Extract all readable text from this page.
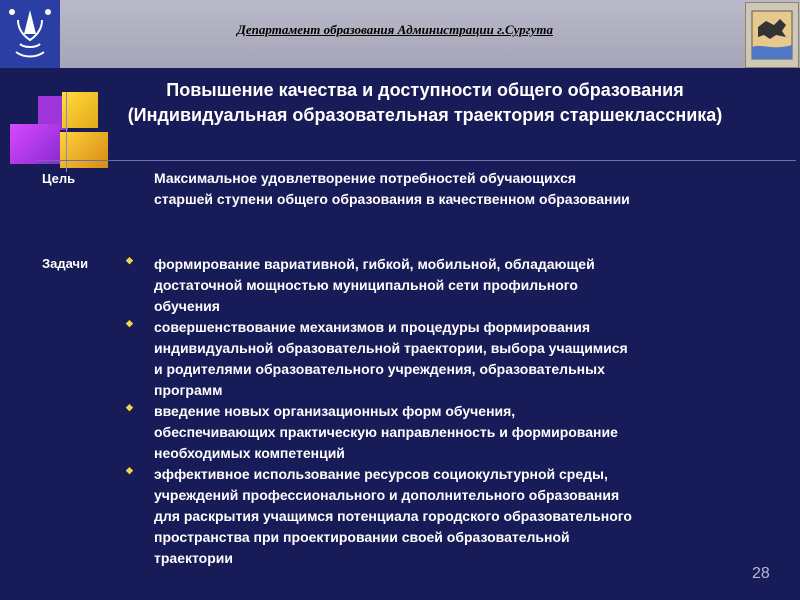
Департамент образования Администрации г.Сургута
Повышение качества и доступности общего образования
(Индивидуальная образовательная траектория старшеклассника)
Цель	Максимальное удовлетворение потребностей обучающихся
старшей ступени общего образования в качественном образовании
Задачи	◆ формирование вариативной, гибкой, мобильной, обладающей
достаточной мощностью муниципальной сети профильного
обучения
◆ совершенствование механизмов и процедуры формирования
индивидуальной образовательной траектории, выбора учащимися
и родителями образовательного учреждения, образовательных
программ
◆ введение новых организационных форм обучения,
обеспечивающих практическую направленность и формирование
необходимых компетенций
◆ эффективное использование ресурсов социокультурной среды,
учреждений профессионального и дополнительного образования
для раскрытия учащимся потенциала городского образовательного
пространства при проектировании своей образовательной
траектории
28
